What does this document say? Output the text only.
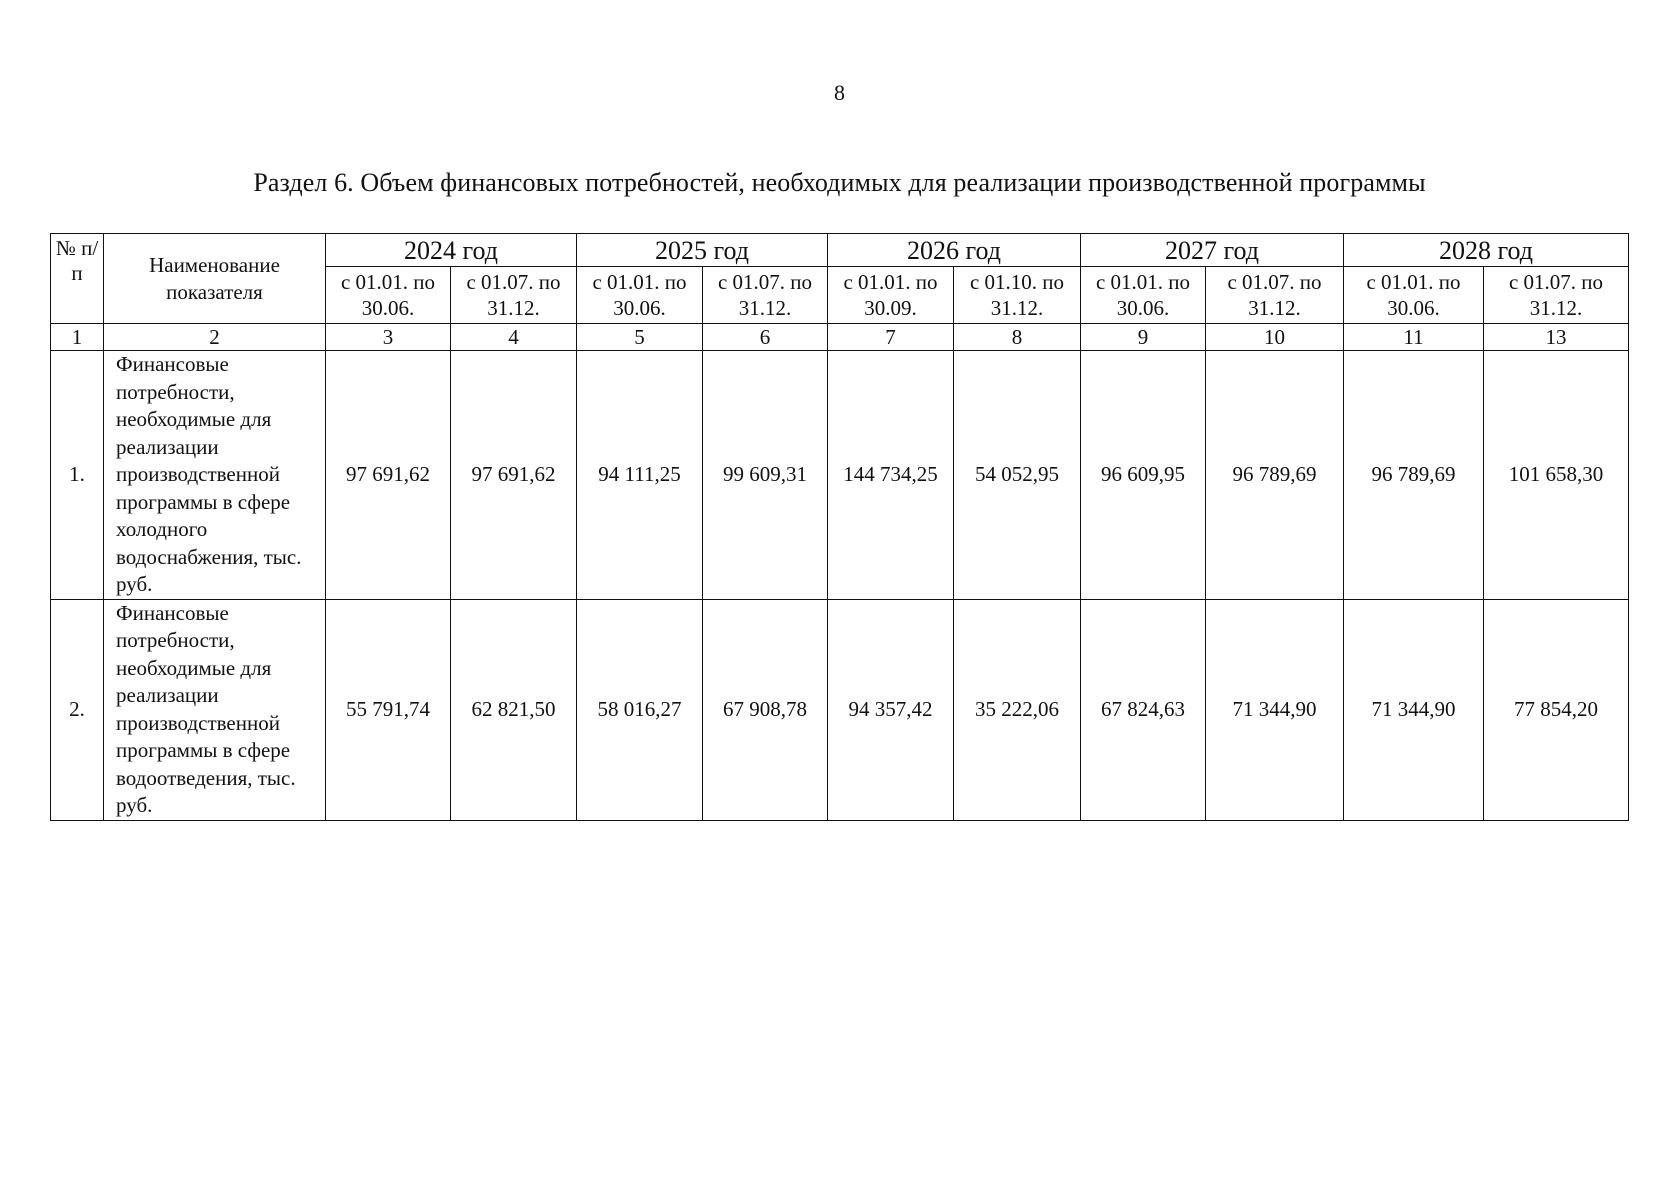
8
Раздел 6. Объем финансовых потребностей, необходимых для реализации производственной программы
№ п/п	Наименование показателя	2024 год		2025 год		2026 год		2027 год		2028 год	
		с 01.01. по 30.06.	с 01.07. по 31.12.	с 01.01. по 30.06.	с 01.07. по 31.12.	с 01.01. по 30.09.	с 01.10. по 31.12.	с 01.01. по 30.06.	с 01.07. по 31.12.	с 01.01. по 30.06.	с 01.07. по 31.12.
1	2	3	4	5	6	7	8	9	10	11	13
1.	Финансовые потребности, необходимые для реализации производственной программы в сфере холодного водоснабжения, тыс. руб.	97 691,62	97 691,62	94 111,25	99 609,31	144 734,25	54 052,95	96 609,95	96 789,69	96 789,69	101 658,30
2.	Финансовые потребности, необходимые для реализации производственной программы в сфере водоотведения, тыс. руб.	55 791,74	62 821,50	58 016,27	67 908,78	94 357,42	35 222,06	67 824,63	71 344,90	71 344,90	77 854,20
